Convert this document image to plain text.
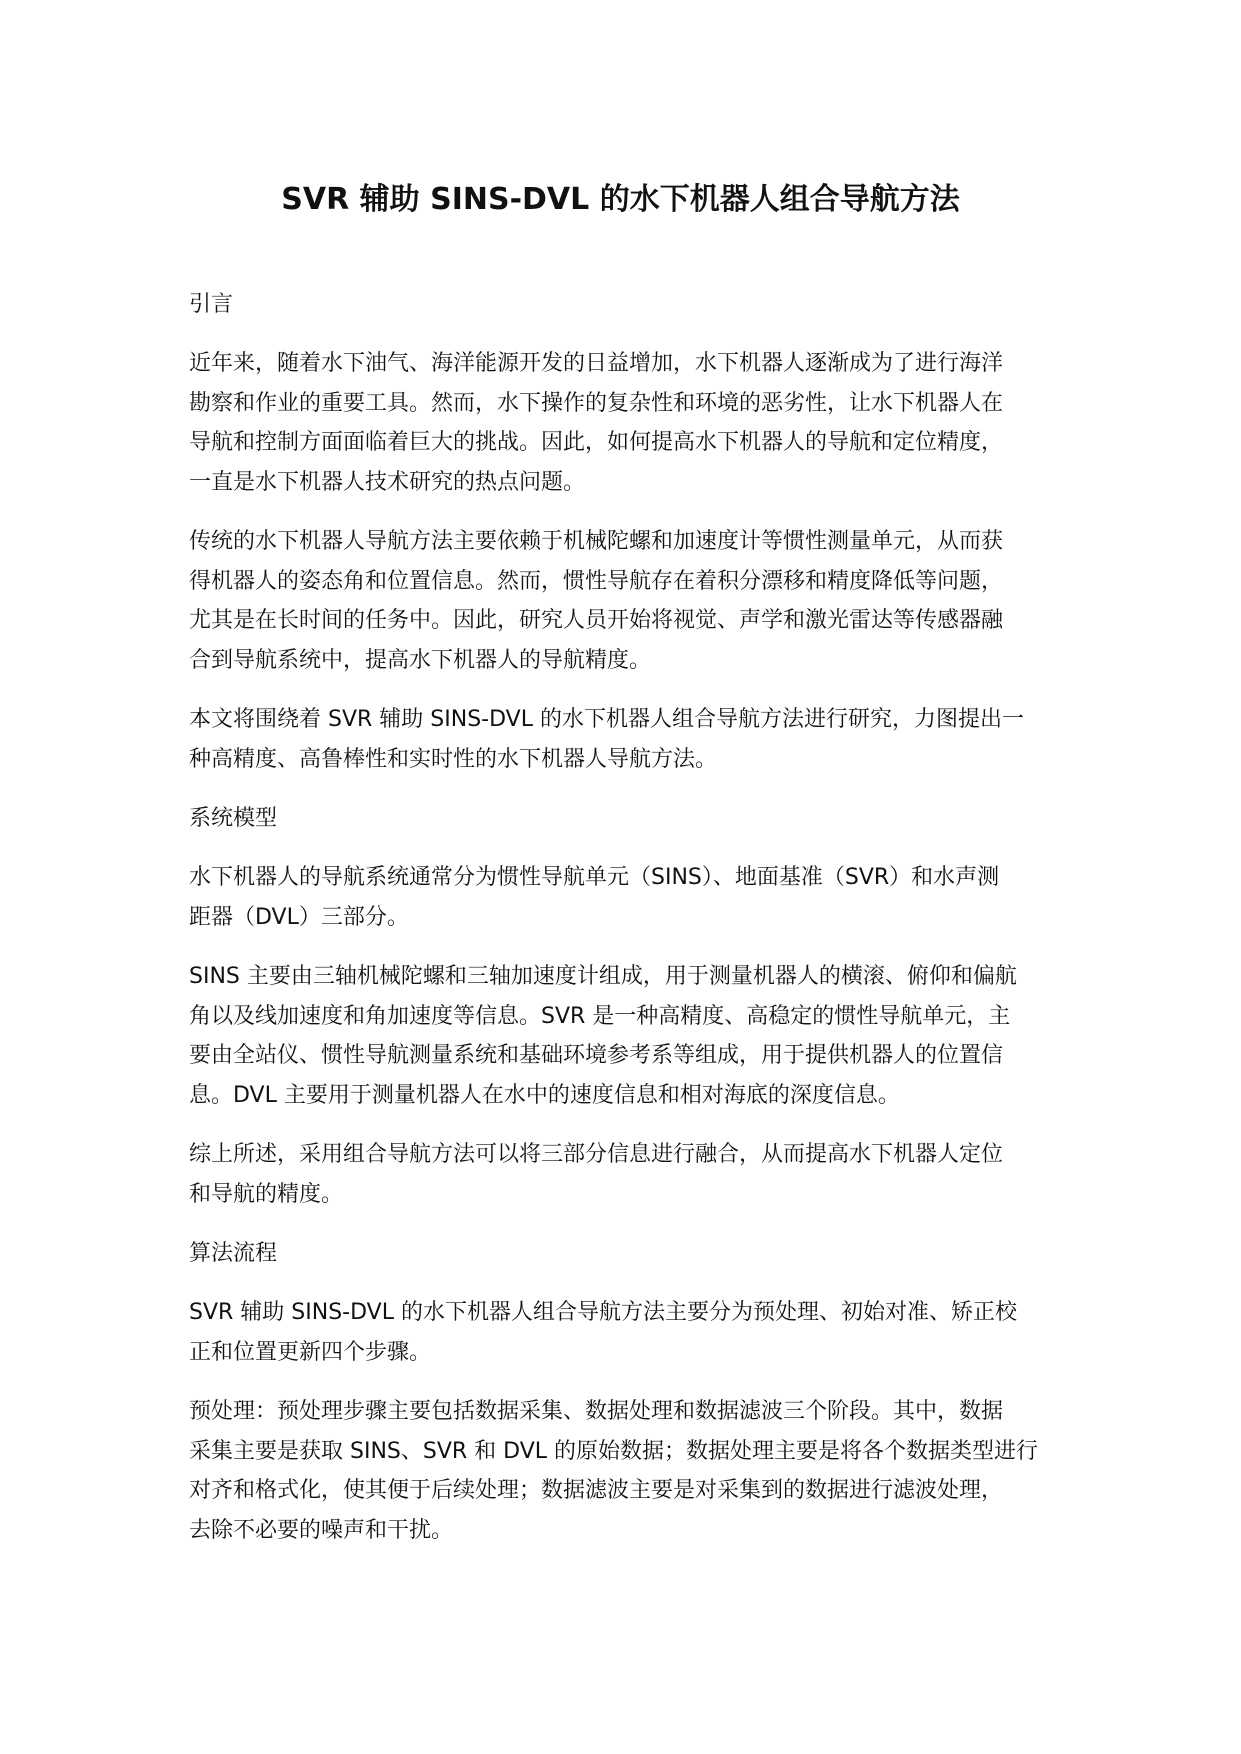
SVR 辅助 SINS-DVL 的水下机器人组合导航方法
引言
近年来，随着水下油气、海洋能源开发的日益增加，水下机器人逐渐成为了进行海洋
勘察和作业的重要工具。然而，水下操作的复杂性和环境的恶劣性，让水下机器人在
导航和控制方面面临着巨大的挑战。因此，如何提高水下机器人的导航和定位精度，
一直是水下机器人技术研究的热点问题。
传统的水下机器人导航方法主要依赖于机械陀螺和加速度计等惯性测量单元，从而获
得机器人的姿态角和位置信息。然而，惯性导航存在着积分漂移和精度降低等问题，
尤其是在长时间的任务中。因此，研究人员开始将视觉、声学和激光雷达等传感器融
合到导航系统中，提高水下机器人的导航精度。
本文将围绕着 SVR 辅助 SINS-DVL 的水下机器人组合导航方法进行研究，力图提出一
种高精度、高鲁棒性和实时性的水下机器人导航方法。
系统模型
水下机器人的导航系统通常分为惯性导航单元（SINS）、地面基准（SVR）和水声测
距器（DVL）三部分。
SINS 主要由三轴机械陀螺和三轴加速度计组成，用于测量机器人的横滚、俯仰和偏航
角以及线加速度和角加速度等信息。SVR 是一种高精度、高稳定的惯性导航单元，主
要由全站仪、惯性导航测量系统和基础环境参考系等组成，用于提供机器人的位置信
息。DVL 主要用于测量机器人在水中的速度信息和相对海底的深度信息。
综上所述，采用组合导航方法可以将三部分信息进行融合，从而提高水下机器人定位
和导航的精度。
算法流程
SVR 辅助 SINS-DVL 的水下机器人组合导航方法主要分为预处理、初始对准、矫正校
正和位置更新四个步骤。
预处理：预处理步骤主要包括数据采集、数据处理和数据滤波三个阶段。其中，数据
采集主要是获取 SINS、SVR 和 DVL 的原始数据；数据处理主要是将各个数据类型进行
对齐和格式化，使其便于后续处理；数据滤波主要是对采集到的数据进行滤波处理，
去除不必要的噪声和干扰。
